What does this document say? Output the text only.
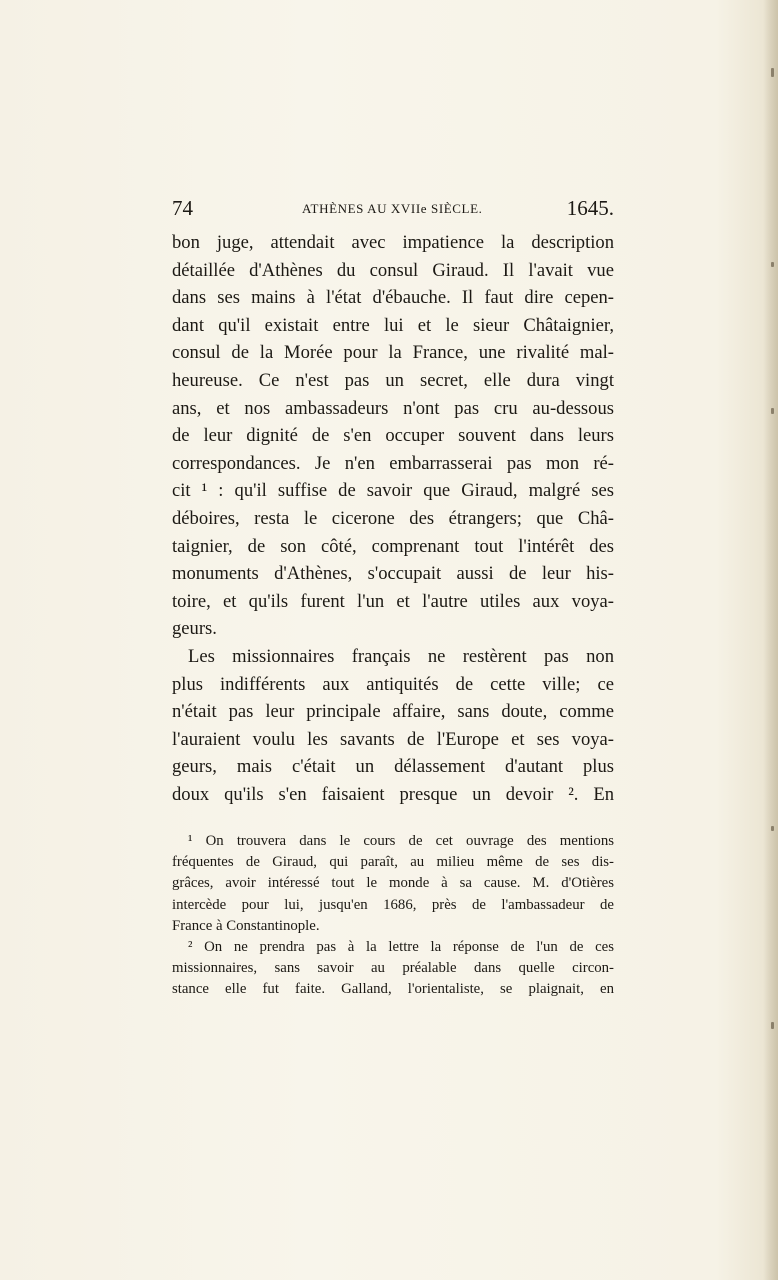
74	ATHÈNES AU XVIIe SIÈCLE.	1645.
bon juge, attendait avec impatience la description
détaillée d'Athènes du consul Giraud. Il l'avait vue
dans ses mains à l'état d'ébauche. Il faut dire cepen-
dant qu'il existait entre lui et le sieur Châtaignier,
consul de la Morée pour la France, une rivalité mal-
heureuse. Ce n'est pas un secret, elle dura vingt
ans, et nos ambassadeurs n'ont pas cru au-dessous
de leur dignité de s'en occuper souvent dans leurs
correspondances. Je n'en embarrasserai pas mon ré-
cit ¹ : qu'il suffise de savoir que Giraud, malgré ses
déboires, resta le cicerone des étrangers; que Châ-
taignier, de son côté, comprenant tout l'intérêt des
monuments d'Athènes, s'occupait aussi de leur his-
toire, et qu'ils furent l'un et l'autre utiles aux voya-
geurs.
Les missionnaires français ne restèrent pas non
plus indifférents aux antiquités de cette ville; ce
n'était pas leur principale affaire, sans doute, comme
l'auraient voulu les savants de l'Europe et ses voya-
geurs, mais c'était un délassement d'autant plus
doux qu'ils s'en faisaient presque un devoir ². En
¹ On trouvera dans le cours de cet ouvrage des mentions
fréquentes de Giraud, qui paraît, au milieu même de ses dis-
grâces, avoir intéressé tout le monde à sa cause. M. d'Otières
intercède pour lui, jusqu'en 1686, près de l'ambassadeur de
France à Constantinople.
² On ne prendra pas à la lettre la réponse de l'un de ces
missionnaires, sans savoir au préalable dans quelle circon-
stance elle fut faite. Galland, l'orientaliste, se plaignait, en
